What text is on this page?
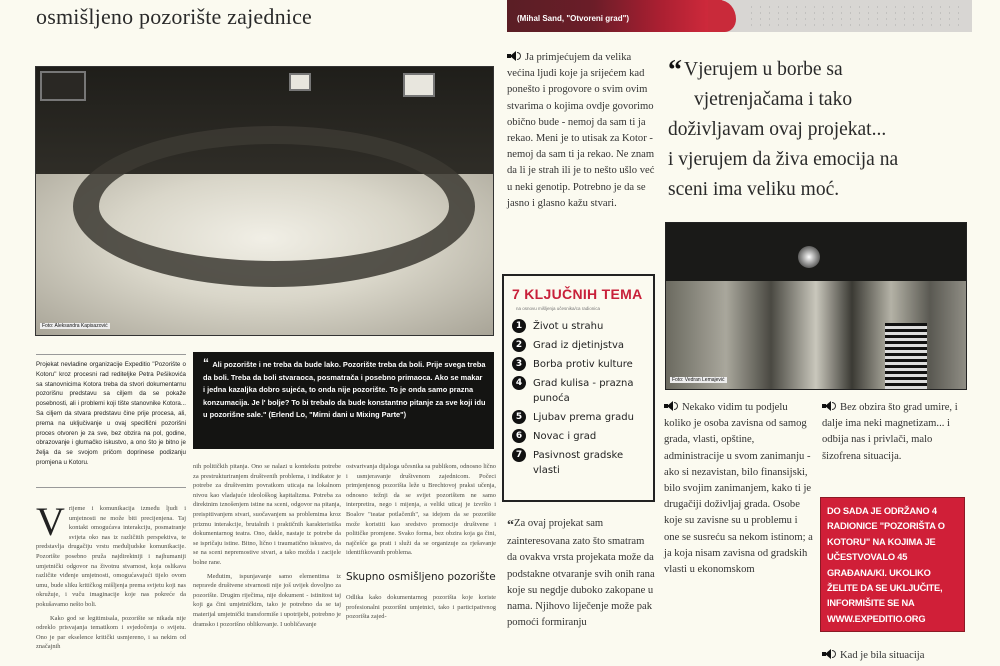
osmišljeno pozorište zajednice	(Mihal Sand, "Otvoreni grad")
Foto: Aleksandra Kapisazović
“ Vjerujem u borbe sa
vjetrenjačama i tako
doživljavam ovaj projekat...
i vjerujem da živa emocija na
sceni ima veliku moć.
Foto: Vedran Lemajević
Ja primjećujem da velika većina ljudi koje ja srijećem kad ponešto i progovore o svim ovim stvarima o kojima ovdje govorimo obično bude - nemoj da sam ti ja rekao. Meni je to utisak za Kotor - nemoj da sam ti ja rekao. Ne znam da li je strah ili je to nešto ušlo već u neki genotip. Potrebno je da se jasno i glasno kažu stvari.
7 KLJUČNIH TEMA
na osnovu mišljenja učesnika/ca radionica
1	Život u strahu
2	Grad iz djetinjstva
3	Borba protiv kulture
4	Grad kulisa - prazna punoća
5	Ljubav prema gradu
6	Novac i grad
7	Pasivnost gradske vlasti
“Za ovaj projekat sam zainteresovana zato što smatram da ovakva vrsta projekata može da podstakne otvaranje svih onih rana koje su negdje duboko zakopane u nama. Njihovo liječenje može pak pomoći formiranju
Nekako vidim tu podjelu koliko je osoba zavisna od samog grada, vlasti, opštine, administracije u svom zanimanju - ako si nezavistan, bilo finansijski, bilo svojim zanimanjem, kako ti je drugačiji doživljaj grada. Osobe koje su zavisne su u problemu i one se susreću sa nekom istinom; a ja koja nisam zavisna od gradskih vlasti u ekonomskom
Bez obzira što grad umire, i dalje ima neki magnetizam... i odbija nas i privlači, malo šizofrena situacija.
DO SADA JE ODRŽANO 4 RADIONICE "POZORIŠTA O KOTORU" NA KOJIMA JE UČESTVOVALO 45 GRAĐANA/KI. UKOLIKO ŽELITE DA SE UKLJUČITE, INFORMIŠITE SE NA WWW.EXPEDITIO.ORG
Kad je bila situacija
Projekat nevladine organizacije Expeditio "Pozorište o Kotoru" kroz procesni rad rediteljke Petra Pešikovića sa stanovnicima Kotora treba da stvori dokumentarnu pozorišnu predstavu sa ciljem da se pokaže posebnosti, ali i problemi koji tište stanovnike Kotora... Sa ciljem da stvara predstavu čine prije procesa, ali, prema na uključivanje u ovaj specifični pozorišni proces otvoren je za sve, bez obzira na pol, godine, obrazovanje i glumačko iskustvo, a ono što je bitno je želja da se svojom pričom doprinese podizanju promjena u Kotoru.
“ Ali pozorište i ne treba da bude lako. Pozorište treba da boli. Prije svega treba da boli. Treba da boli stvaraoca, posmatrača i posebno primaoca. Ako se makar i jedna kazaljka dobro sujeća, to onda nije pozorište. To je onda samo prazna konzumacija. Je l' bolje? To bi trebalo da bude konstantno pitanje za sve koji idu u pozorišne sale." (Erlend Lo, "Mirni dani u Mixing Parte")
V rijeme i komunikacija između ljudi i umjetnosti ne može biti precijenjena. Taj kontakt omogućava interakciju, posmatranje svijeta oko nas iz različitih perspektiva, te predstavlja drugačiju vrstu međuljudske komunikacije. Pozorište posebno pruža najdirektniji i najhumaniji umjetnički odgovor na životnu stvarnost, koja oslikava različite viđenje umjetnosti, omogućavajući tijelo ovom umu, bude sliku kritičkog mišljenja prema svijetu koji nas okružuje, i vuču imaginacije koje nas pokreće da pokušavamo nešto boli.
Kako god se legitimisala, pozorište se nikada nije odreklo prisvajanja tematikom i svjedočenja o svijetu. Ono je par ekselence kritički usmjereno, i sa nekim od značajnih
nih političkih pitanja. Ono se nalazi u kontekstu potrebe za prestrukturiranjem društvenih problema, i indikator je potrebe za društvenim povratkom uticaja na lokalnom nivou kao vladajuće ideološkog kapitalizma. Potreba za direktnim iznošenjem istine na sceni, odgovor na pitanja, preispitivanjem stvari, suočavanjem sa problemima kroz prizmu interakcije, brutalnih i praktičnih karakteristika dokumentarnog teatra. Ono, dakle, nastaje iz potrebe da se ispričaju istine. Bitno, lično i traumatično iskustvo, da se na sceni nepremostive stvari, a tako možda i zacijele bolne rane.
Međutim, ispunjavanje samo elementima iz nepravde društvene stvarnosti nije još uvijek dovoljno za pozorište. Drugim riječima, nije dokument - istinitost taj koji ga čini umjetničkim, tako je potrebno da se taj materijal umjetnički transformiše i upotrijebi, potrebno je dramsko i pozorišno oblikovanje. I uobličavanje
ostvarivanja dijaloga učesnika sa publikom, odnosno lično i usmjeravanje društvenom zajednicom. Počeci primjenjenog pozorišta leže u Brechtovoj praksi učenja, odnosno težnji da se svijet pozorištem ne samo interpretira, nego i mijenja, a veliki uticaj je izvršio i Boalov "teatar potlačenih", sa idejom da se pozorište može koristiti kao sredstvo promocije društvene i političke promjene. Svako forma, bez obzira koja ga čini, najčešće ga prati i služi da se organizuje za rješavanje identifikovanih problema.
Skupno osmišljeno pozorište
Odlika kako dokumentarnog pozorišta koje koriste profesionalni pozorišni umjetnici, tako i participativnog pozorišta zajed-
